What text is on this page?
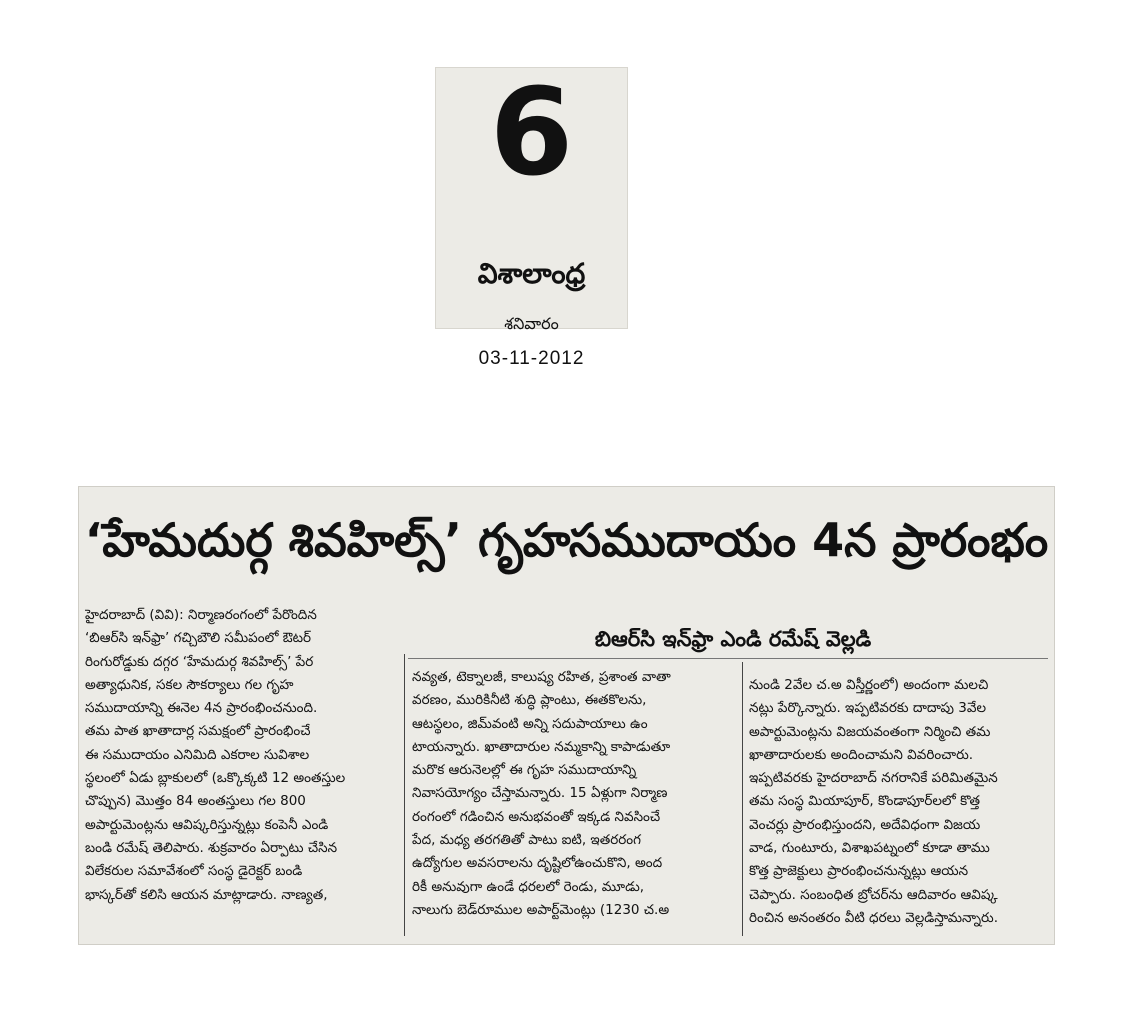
6
విశాలాంధ్ర
శనివారం
03-11-2012
‘హేమదుర్గ శివహిల్స్’ గృహసముదాయం 4న ప్రారంభం
బిఆర్‌సి ఇన్‌ఫ్రా ఎండి రమేష్ వెల్లడి

హైదరాబాద్ (వివి): నిర్మాణరంగంలో పేరొందిన

‘బిఆర్‌సి ఇన్‌ఫ్రా’ గచ్చిబౌలి సమీపంలో ఔటర్

రింగురోడ్డుకు దగ్గర ‘హేమదుర్గ శివహిల్స్’ పేర

అత్యాధునిక, సకల సౌకర్యాలు గల గృహ

సముదాయాన్ని ఈనెల 4న ప్రారంభించనుంది.

తమ పాత ఖాతాదార్ల సమక్షంలో ప్రారంభించే

ఈ సముదాయం ఎనిమిది ఎకరాల సువిశాల

స్థలంలో ఏడు బ్లాకులలో (ఒక్కొక్కటి 12 అంతస్తుల

చొప్పున) మొత్తం 84 అంతస్తులు గల 800

అపార్టుమెంట్లను ఆవిష్కరిస్తున్నట్లు కంపెనీ ఎండి

బండి రమేష్ తెలిపారు. శుక్రవారం ఏర్పాటు చేసిన

విలేకరుల సమావేశంలో సంస్థ డైరెక్టర్ బండి

భాస్కర్‌తో కలిసి ఆయన మాట్లాడారు. నాణ్యత,

నవ్యత, టెక్నాలజీ, కాలుష్య రహిత, ప్రశాంత వాతా

వరణం, మురికినీటి శుద్ధి ప్లాంటు, ఈతకొలను,

ఆటస్థలం, జిమ్‌వంటి అన్ని సదుపాయాలు ఉం

టాయన్నారు. ఖాతాదారుల నమ్మకాన్ని కాపాడుతూ

మరొక ఆరునెలల్లో ఈ గృహ సముదాయాన్ని

నివాసయోగ్యం చేస్తామన్నారు. 15 ఏళ్లుగా నిర్మాణ

రంగంలో గడించిన అనుభవంతో ఇక్కడ నివసించే

పేద, మధ్య తరగతితో పాటు ఐటి, ఇతరరంగ

ఉద్యోగుల అవసరాలను దృష్టిలోఉంచుకొని, అంద

రికీ అనువుగా ఉండే ధరలలో రెండు, మూడు,

నాలుగు బెడ్‌రూముల అపార్ట్‌మెంట్లు (1230 చ.అ

నుండి 2వేల చ.అ విస్తీర్ణంలో) అందంగా మలచి

నట్లు పేర్కొన్నారు. ఇప్పటివరకు దాదాపు 3వేల

అపార్టుమెంట్లను విజయవంతంగా నిర్మించి తమ

ఖాతాదారులకు అందించామని వివరించారు.

ఇప్పటివరకు హైదరాబాద్ నగరానికే పరిమితమైన

తమ సంస్థ మియాపూర్, కొండాపూర్‌లలో కొత్త

వెంచర్లు ప్రారంభిస్తుందని, అదేవిధంగా విజయ

వాడ, గుంటూరు, విశాఖపట్నంలో కూడా తాము

కొత్త ప్రాజెక్టులు ప్రారంభించనున్నట్లు ఆయన

చెప్పారు. సంబంధిత బ్రోచర్‌ను ఆదివారం ఆవిష్క

రించిన అనంతరం వీటి ధరలు వెల్లడిస్తామన్నారు.
